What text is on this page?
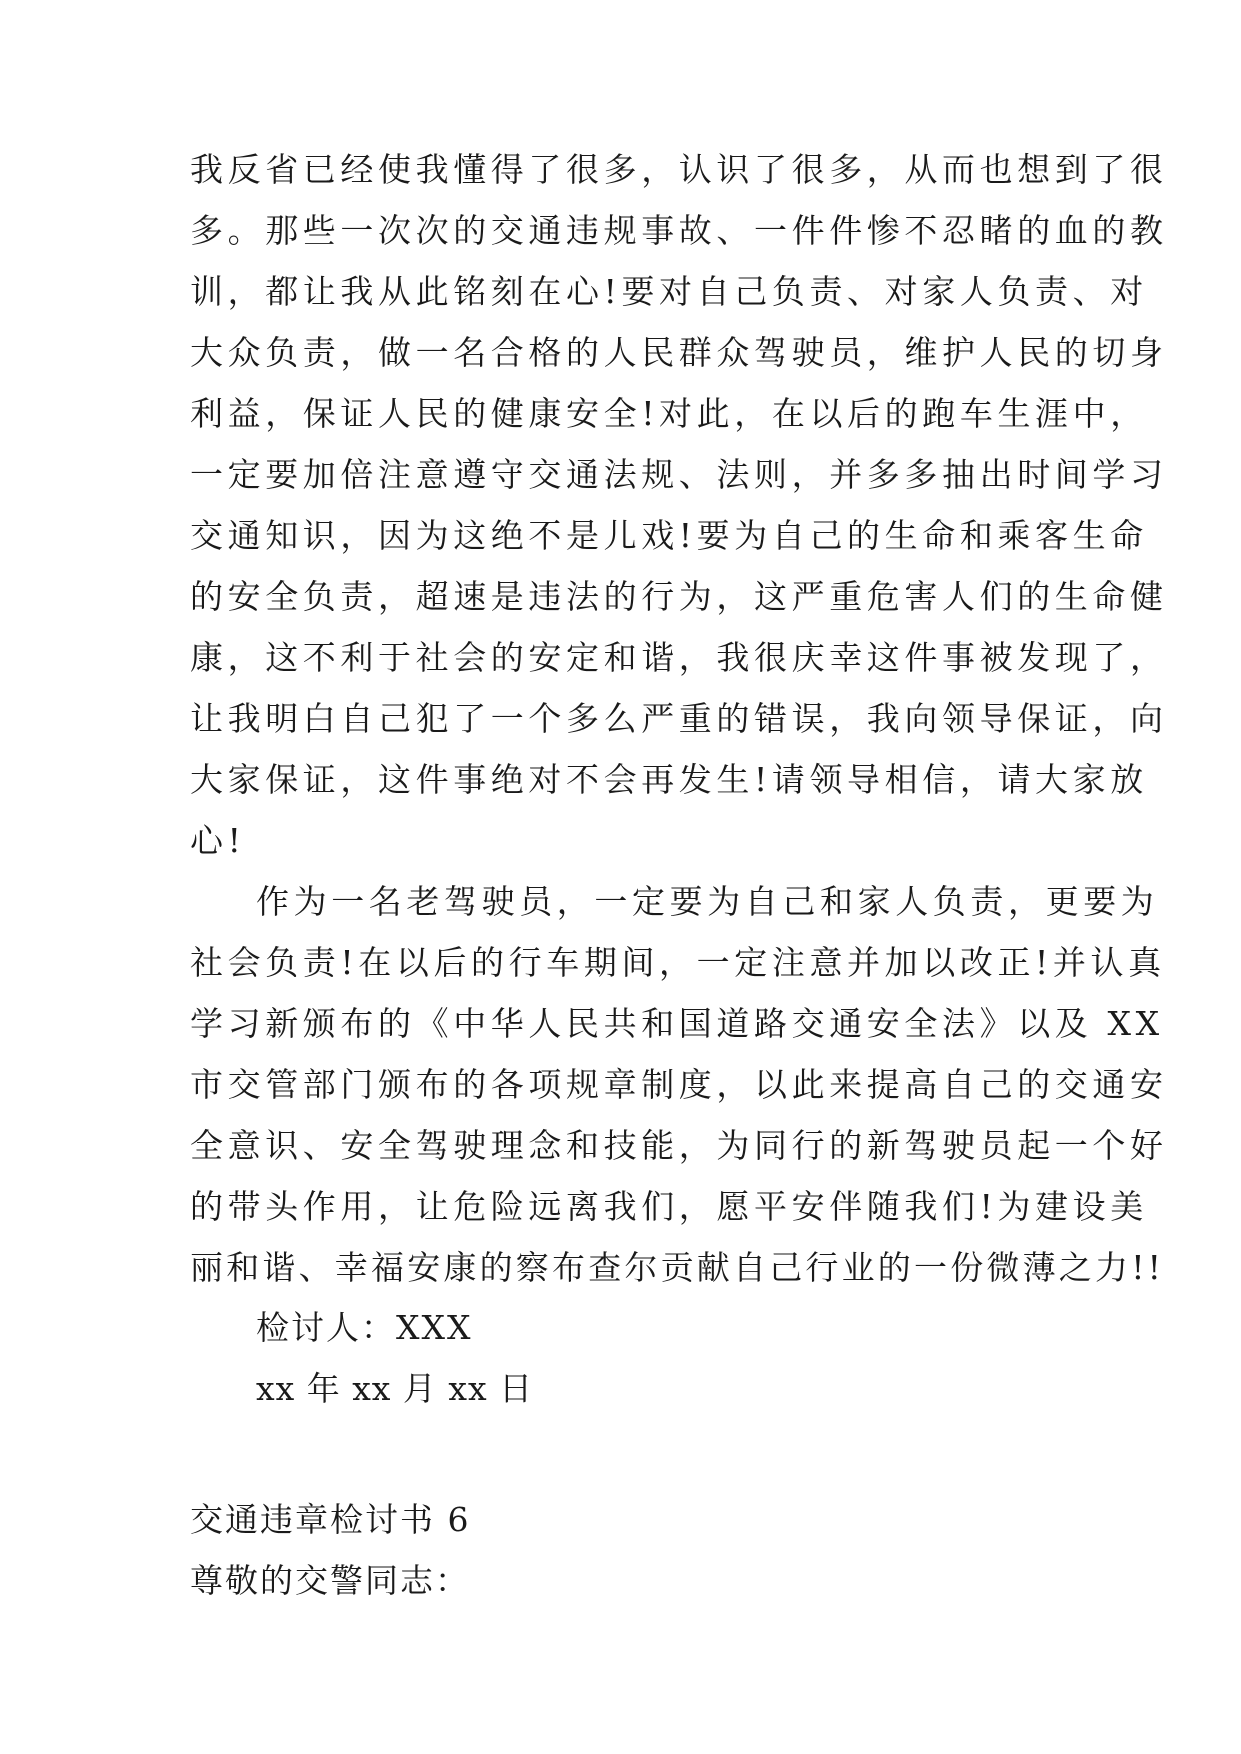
我反省已经使我懂得了很多，认识了很多，从而也想到了很
多。那些一次次的交通违规事故、一件件惨不忍睹的血的教
训，都让我从此铭刻在心!要对自己负责、对家人负责、对
大众负责，做一名合格的人民群众驾驶员，维护人民的切身
利益，保证人民的健康安全!对此，在以后的跑车生涯中，
一定要加倍注意遵守交通法规、法则，并多多抽出时间学习
交通知识，因为这绝不是儿戏!要为自己的生命和乘客生命
的安全负责，超速是违法的行为，这严重危害人们的生命健
康，这不利于社会的安定和谐，我很庆幸这件事被发现了，
让我明白自己犯了一个多么严重的错误，我向领导保证，向
大家保证，这件事绝对不会再发生!请领导相信，请大家放
心!
作为一名老驾驶员，一定要为自己和家人负责，更要为
社会负责!在以后的行车期间，一定注意并加以改正!并认真
学习新颁布的《中华人民共和国道路交通安全法》以及 XX
市交管部门颁布的各项规章制度，以此来提高自己的交通安
全意识、安全驾驶理念和技能，为同行的新驾驶员起一个好
的带头作用，让危险远离我们，愿平安伴随我们!为建设美
丽和谐、幸福安康的察布查尔贡献自己行业的一份微薄之力!!
检讨人：XXX
xx 年 xx 月 xx 日
交通违章检讨书 6
尊敬的交警同志：
